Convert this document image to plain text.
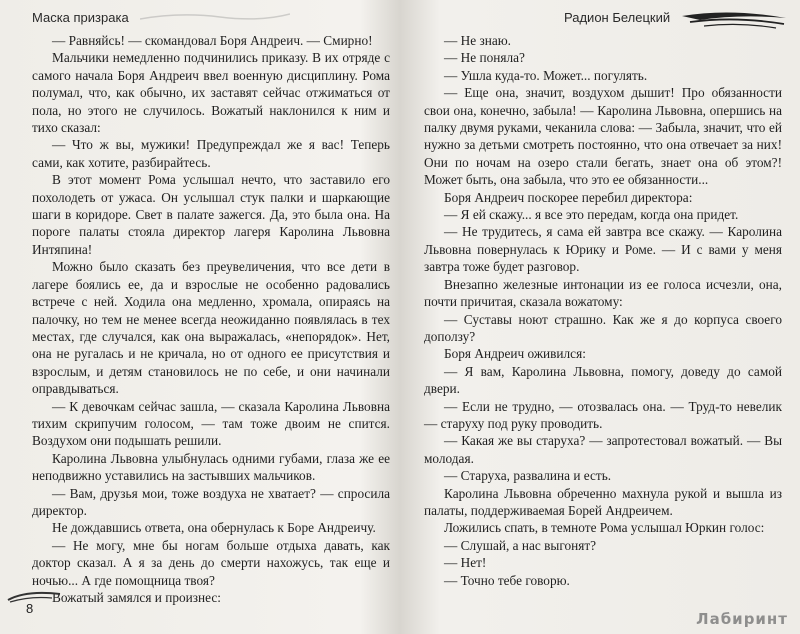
Маска призрака

— Равняйсь! — скомандовал Боря Андреич. — Смирно!

Мальчики немедленно подчинились приказу. В их отряде с самого начала Боря Андреич ввел военную дисциплину. Рома полумал, что, как обычно, их заставят сейчас отжиматься от пола, но этого не случилось. Вожатый наклонился к ним и тихо сказал:

— Что ж вы, мужики! Предупреждал же я вас! Теперь сами, как хотите, разбирайтесь.

В этот момент Рома услышал нечто, что заставило его похолодеть от ужаса. Он услышал стук палки и шаркающие шаги в коридоре. Свет в палате зажегся. Да, это была она. На пороге палаты стояла директор лагеря Каролина Львовна Интяпина!

Можно было сказать без преувеличения, что все дети в лагере боялись ее, да и взрослые не особенно радовались встрече с ней. Ходила она медленно, хромала, опираясь на палочку, но тем не менее всегда неожиданно появлялась в тех местах, где случался, как она выражалась, «непорядок». Нет, она не ругалась и не кричала, но от одного ее присутствия и взрослым, и детям становилось не по себе, и они начинали оправдываться.

— К девочкам сейчас зашла, — сказала Каролина Львовна тихим скрипучим голосом, — там тоже двоим не спится. Воздухом они подышать решили.

Каролина Львовна улыбнулась одними губами, глаза же ее неподвижно уставились на застывших мальчиков.

— Вам, друзья мои, тоже воздуха не хватает? — спросила директор.

Не дождавшись ответа, она обернулась к Боре Андреичу.

— Не могу, мне бы ногам больше отдыха давать, как доктор сказал. А я за день до смерти нахожусь, так еще и ночью... А где помощница твоя?

Вожатый замялся и произнес:

8
Радион Белецкий

— Не знаю.

— Не поняла?

— Ушла куда-то. Может... погулять.

— Еще она, значит, воздухом дышит! Про обязанности свои она, конечно, забыла! — Каролина Львовна, опершись на палку двумя руками, чеканила слова: — Забыла, значит, что ей нужно за детьми смотреть постоянно, что она отвечает за них! Они по ночам на озеро стали бегать, знает она об этом?! Может быть, она забыла, что это ее обязанности...

Боря Андреич поскорее перебил директора:

— Я ей скажу... я все это передам, когда она придет.

— Не трудитесь, я сама ей завтра все скажу. — Каролина Львовна повернулась к Юрику и Роме. — И с вами у меня завтра тоже будет разговор.

Внезапно железные интонации из ее голоса исчезли, она, почти причитая, сказала вожатому:

— Суставы ноют страшно. Как же я до корпуса своего доползу?

Боря Андреич оживился:

— Я вам, Каролина Львовна, помогу, доведу до самой двери.

— Если не трудно, — отозвалась она. — Труд-то невелик — старуху под руку проводить.

— Какая же вы старуха? — запротестовал вожатый. — Вы молодая.

— Старуха, развалина и есть.

Каролина Львовна обреченно махнула рукой и вышла из палаты, поддерживаемая Борей Андреичем.

Ложились спать, в темноте Рома услышал Юркин голос:

— Слушай, а нас выгонят?

— Нет!

— Точно тебе говорю.

Лабиринт
